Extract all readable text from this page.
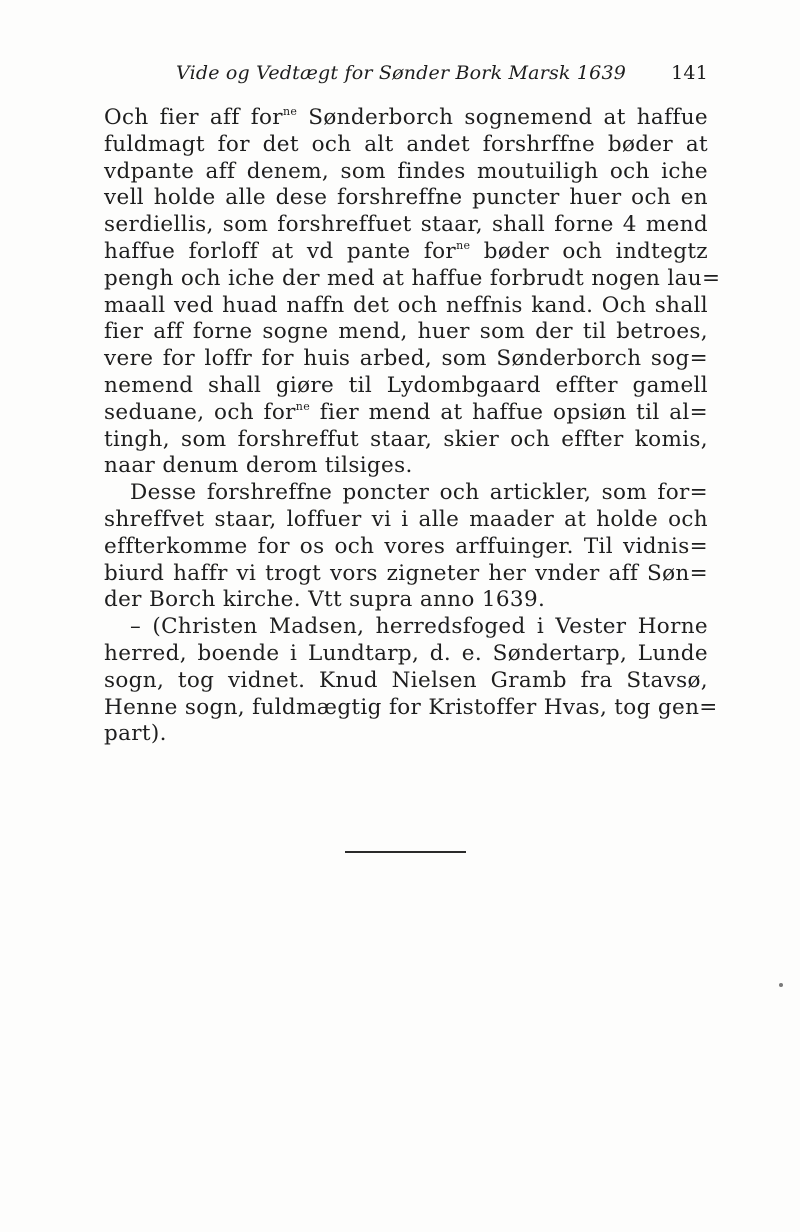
Vide og Vedtægt for Sønder Bork Marsk 1639 141
Och fier aff for$^{ne}$ Sønderborch sognemend at haffue
fuldmagt for det och alt andet forshrffne bøder at
vdpante aff denem, som findes moutuiligh och iche
vell holde alle dese forshreffne puncter huer och en
serdiellis, som forshreffuet staar, shall forne 4 mend
haffue forloff at vd pante for$^{ne}$ bøder och indtegtz
pengh och iche der med at haffue forbrudt nogen lau=
maall ved huad naffn det och neffnis kand. Och shall
fier aff forne sogne mend, huer som der til betroes,
vere for loffr for huis arbed, som Sønderborch sog=
nemend shall giøre til Lydombgaard effter gamell
seduane, och for$^{ne}$ fier mend at haffue opsiøn til al=
tingh, som forshreffut staar, skier och effter komis,
naar denum derom tilsiges.
Desse forshreffne poncter och artickler, som for=
shreffvet staar, loffuer vi i alle maader at holde och
effterkomme for os och vores arffuinger. Til vidnis=
biurd haffr vi trogt vors zigneter her vnder aff Søn=
der Borch kirche. Vtt supra anno 1639.
– (Christen Madsen, herredsfoged i Vester Horne
herred, boende i Lundtarp, d. e. Søndertarp, Lunde
sogn, tog vidnet. Knud Nielsen Gramb fra Stavsø,
Henne sogn, fuldmægtig for Kristoffer Hvas, tog gen=
part).
